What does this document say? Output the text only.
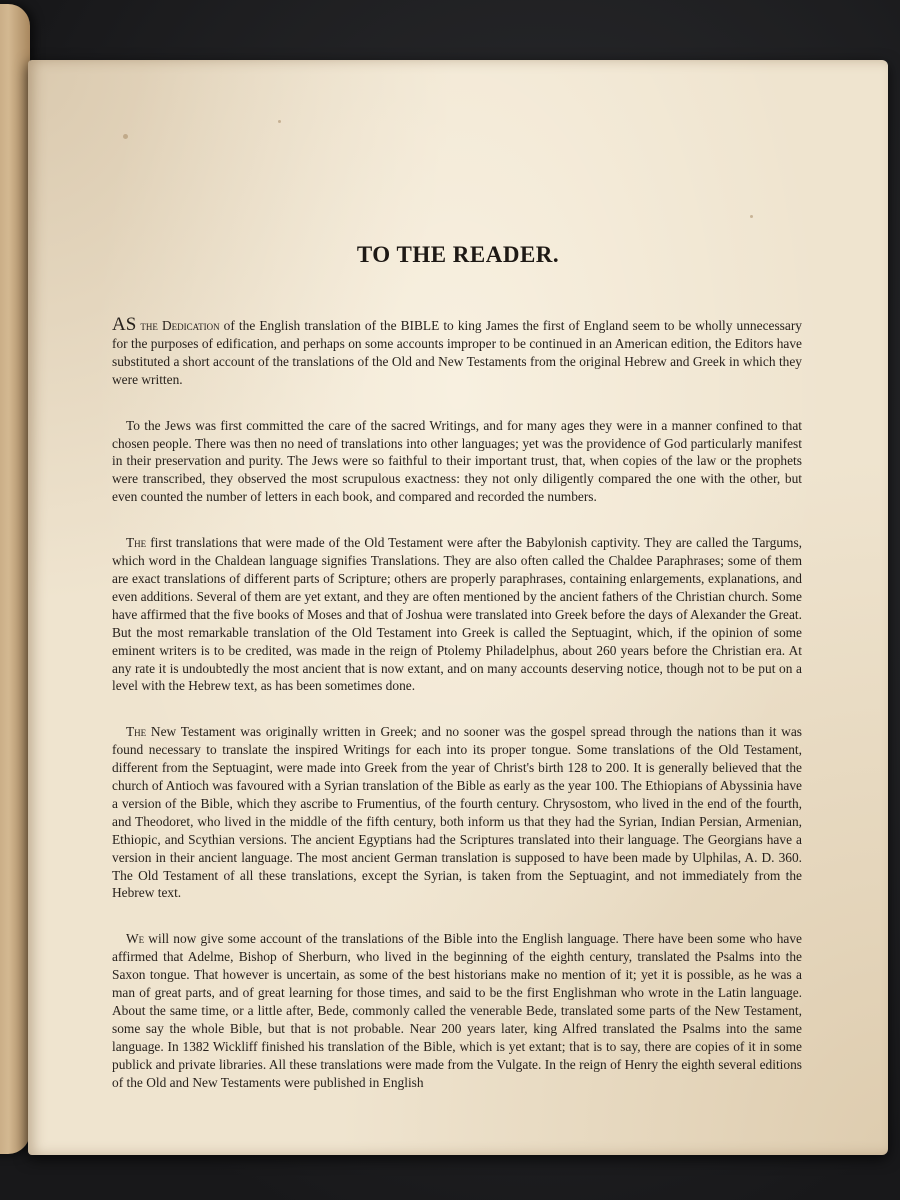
TO THE READER.

AS the Dedication of the English translation of the BIBLE to king James the first of England seem to be wholly unnecessary for the purposes of edification, and perhaps on some accounts improper to be continued in an American edition, the Editors have substituted a short account of the translations of the Old and New Testaments from the original Hebrew and Greek in which they were written.

To the Jews was first committed the care of the sacred Writings, and for many ages they were in a manner confined to that chosen people. There was then no need of translations into other languages; yet was the providence of God particularly manifest in their preservation and purity. The Jews were so faithful to their important trust, that, when copies of the law or the prophets were transcribed, they observed the most scrupulous exactness: they not only diligently compared the one with the other, but even counted the number of letters in each book, and compared and recorded the numbers.

The first translations that were made of the Old Testament were after the Babylonish captivity. They are called the Targums, which word in the Chaldean language signifies Translations. They are also often called the Chaldee Paraphrases; some of them are exact translations of different parts of Scripture; others are properly paraphrases, containing enlargements, explanations, and even additions. Several of them are yet extant, and they are often mentioned by the ancient fathers of the Christian church. Some have affirmed that the five books of Moses and that of Joshua were translated into Greek before the days of Alexander the Great. But the most remarkable translation of the Old Testament into Greek is called the Septuagint, which, if the opinion of some eminent writers is to be credited, was made in the reign of Ptolemy Philadelphus, about 260 years before the Christian era. At any rate it is undoubtedly the most ancient that is now extant, and on many accounts deserving notice, though not to be put on a level with the Hebrew text, as has been sometimes done.

The New Testament was originally written in Greek; and no sooner was the gospel spread through the nations than it was found necessary to translate the inspired Writings for each into its proper tongue. Some translations of the Old Testament, different from the Septuagint, were made into Greek from the year of Christ's birth 128 to 200. It is generally believed that the church of Antioch was favoured with a Syrian translation of the Bible as early as the year 100. The Ethiopians of Abyssinia have a version of the Bible, which they ascribe to Frumentius, of the fourth century. Chrysostom, who lived in the end of the fourth, and Theodoret, who lived in the middle of the fifth century, both inform us that they had the Syrian, Indian Persian, Armenian, Ethiopic, and Scythian versions. The ancient Egyptians had the Scriptures translated into their language. The Georgians have a version in their ancient language. The most ancient German translation is supposed to have been made by Ulphilas, A. D. 360. The Old Testament of all these translations, except the Syrian, is taken from the Septuagint, and not immediately from the Hebrew text.

We will now give some account of the translations of the Bible into the English language. There have been some who have affirmed that Adelme, Bishop of Sherburn, who lived in the beginning of the eighth century, translated the Psalms into the Saxon tongue. That however is uncertain, as some of the best historians make no mention of it; yet it is possible, as he was a man of great parts, and of great learning for those times, and said to be the first Englishman who wrote in the Latin language. About the same time, or a little after, Bede, commonly called the venerable Bede, translated some parts of the New Testament, some say the whole Bible, but that is not probable. Near 200 years later, king Alfred translated the Psalms into the same language. In 1382 Wickliff finished his translation of the Bible, which is yet extant; that is to say, there are copies of it in some publick and private libraries. All these translations were made from the Vulgate. In the reign of Henry the eighth several editions of the Old and New Testaments were published in English
